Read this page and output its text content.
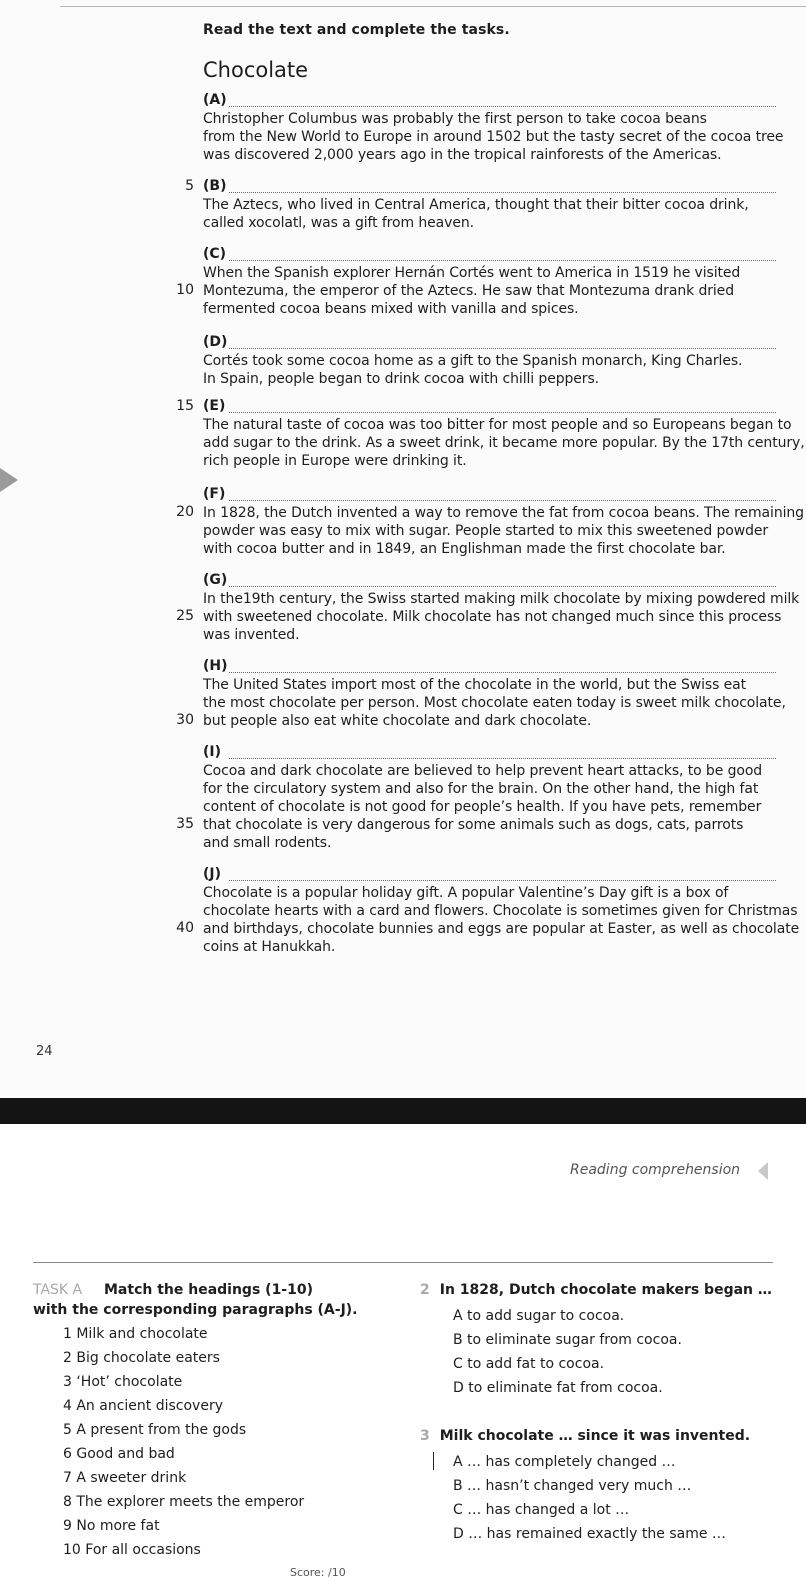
Read the text and complete the tasks.
Chocolate
(A)
Christopher Columbus was probably the first person to take cocoa beans
from the New World to Europe in around 1502 but the tasty secret of the cocoa tree
was discovered 2,000 years ago in the tropical rainforests of the Americas.
5 (B)
The Aztecs, who lived in Central America, thought that their bitter cocoa drink,
called xocolatl, was a gift from heaven.
(C)
10
When the Spanish explorer Hernán Cortés went to America in 1519 he visited
Montezuma, the emperor of the Aztecs. He saw that Montezuma drank dried
fermented cocoa beans mixed with vanilla and spices.
(D)
Cortés took some cocoa home as a gift to the Spanish monarch, King Charles.
In Spain, people began to drink cocoa with chilli peppers.
15 (E)
The natural taste of cocoa was too bitter for most people and so Europeans began to
add sugar to the drink. As a sweet drink, it became more popular. By the 17th century,
rich people in Europe were drinking it.
(F)
20 In 1828, the Dutch invented a way to remove the fat from cocoa beans. The remaining
powder was easy to mix with sugar. People started to mix this sweetened powder
with cocoa butter and in 1849, an Englishman made the first chocolate bar.
(G)
25
In the19th century, the Swiss started making milk chocolate by mixing powdered milk
with sweetened chocolate. Milk chocolate has not changed much since this process
was invented.
(H)
30
The United States import most of the chocolate in the world, but the Swiss eat
the most chocolate per person. Most chocolate eaten today is sweet milk chocolate,
but people also eat white chocolate and dark chocolate.
(I)
35
Cocoa and dark chocolate are believed to help prevent heart attacks, to be good
for the circulatory system and also for the brain. On the other hand, the high fat
content of chocolate is not good for people’s health. If you have pets, remember
that chocolate is very dangerous for some animals such as dogs, cats, parrots
and small rodents.
(J)
40
Chocolate is a popular holiday gift. A popular Valentine’s Day gift is a box of
chocolate hearts with a card and flowers. Chocolate is sometimes given for Christmas
and birthdays, chocolate bunnies and eggs are popular at Easter, as well as chocolate
coins at Hanukkah.
24
Reading comprehension
TASK A Match the headings (1-10)
with the corresponding paragraphs (A-J).
1 Milk and chocolate
2 Big chocolate eaters
3 ‘Hot’ chocolate
4 An ancient discovery
5 A present from the gods
6 Good and bad
7 A sweeter drink
8 The explorer meets the emperor
9 No more fat
10 For all occasions
2 In 1828, Dutch chocolate makers began …
A to add sugar to cocoa.
B to eliminate sugar from cocoa.
C to add fat to cocoa.
D to eliminate fat from cocoa.
3 Milk chocolate … since it was invented.
A … has completely changed …
B … hasn’t changed very much …
C … has changed a lot …
D … has remained exactly the same …
Score: /10
